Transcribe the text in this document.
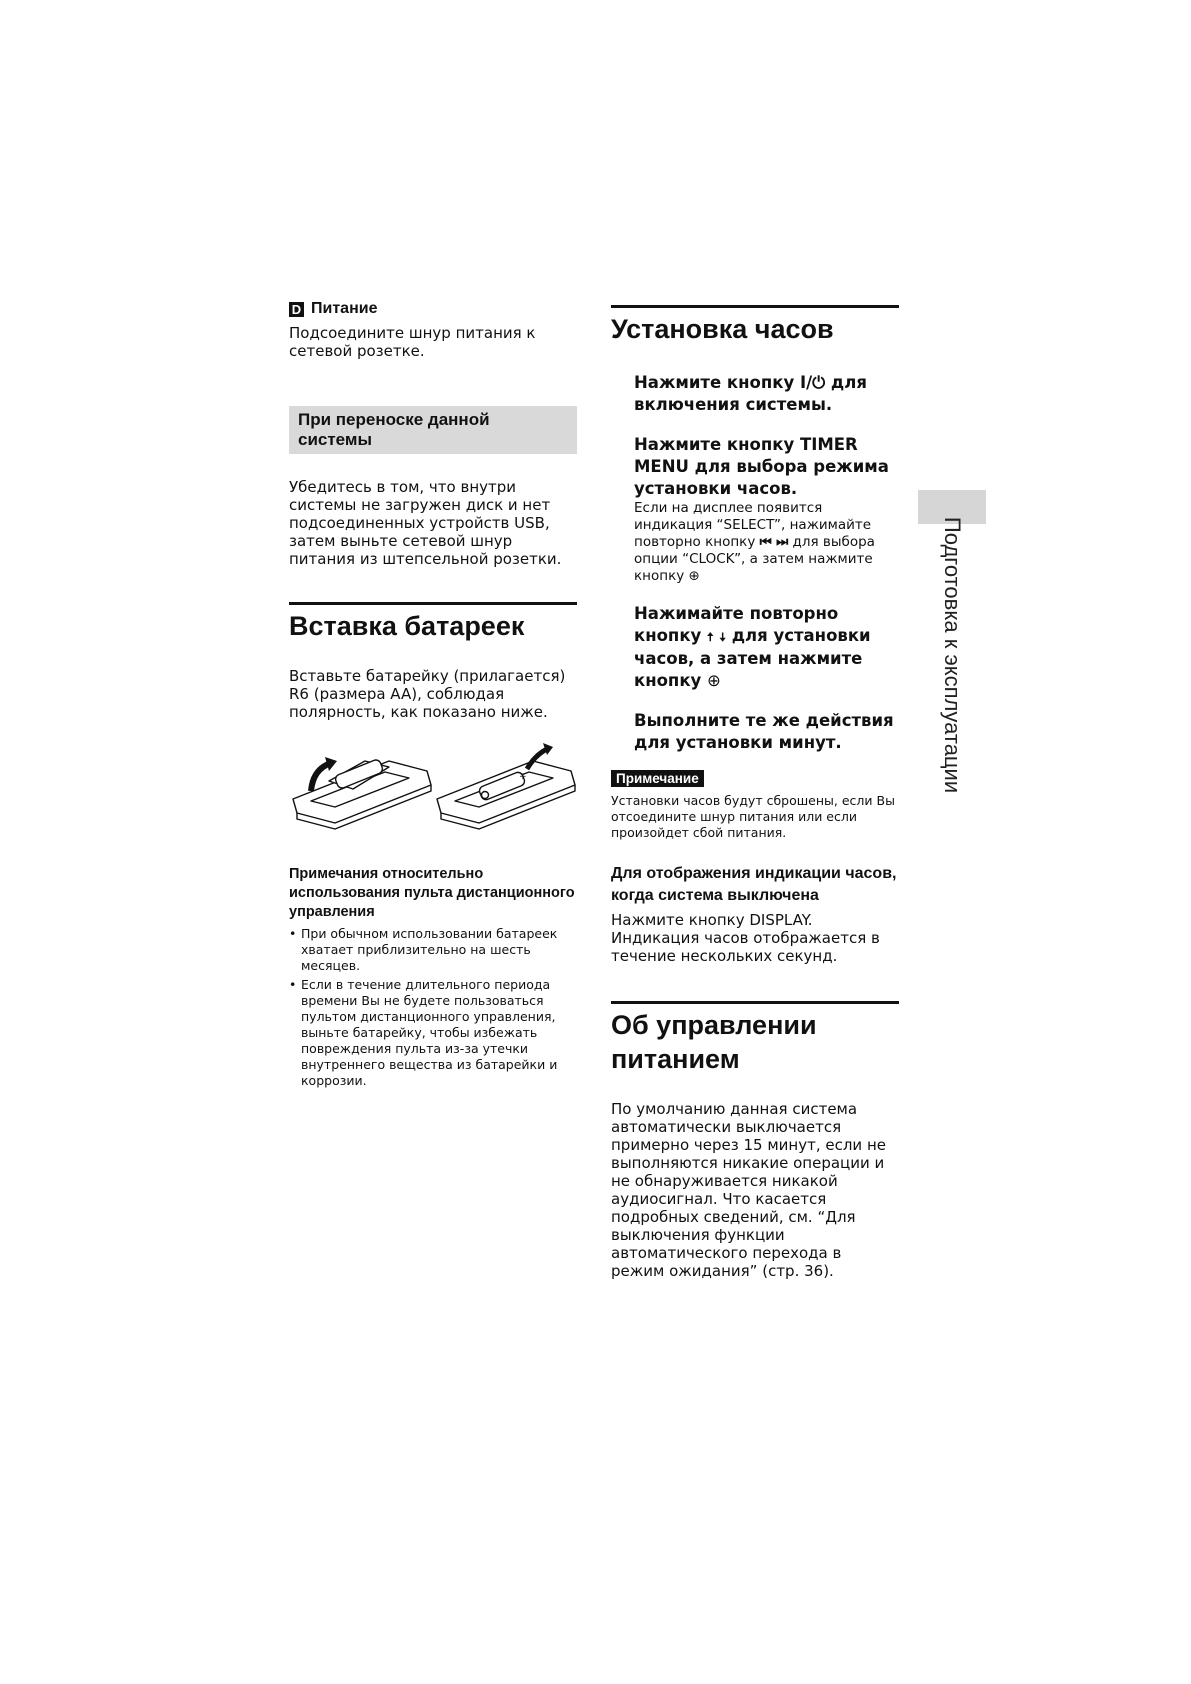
D Питание

Подсоедините шнур питания к сетевой розетке.

При переноске данной системы

Убедитесь в том, что внутри системы не загружен диск и нет подсоединенных устройств USB, затем выньте сетевой шнур питания из штепсельной розетки.

Вставка батареек

Вставьте батарейку (прилагается) R6 (размера AA), соблюдая полярность, как показано ниже.

+
Примечания относительно использования пульта дистанционного управления
• При обычном использовании батареек хватает приблизительно на шесть месяцев.
• Если в течение длительного периода времени Вы не будете пользоваться пультом дистанционного управления, выньте батарейку, чтобы избежать повреждения пульта из-за утечки внутреннего вещества из батарейки и коррозии.
Установка часов

Нажмите кнопку I/⏻ для включения системы.

Нажмите кнопку TIMER MENU для выбора режима установки часов.

Если на дисплее появится индикация “SELECT”, нажимайте повторно кнопку ⏮ ⏭ для выбора опции “CLOCK”, а затем нажмите кнопку ⊕

Нажимайте повторно кнопку 🠅 🠇 для установки часов, а затем нажмите кнопку ⊕

Выполните те же действия для установки минут.

Примечание

Установки часов будут сброшены, если Вы отсоедините шнур питания или если произойдет сбой питания.

Для отображения индикации часов, когда система выключена

Нажмите кнопку DISPLAY. Индикация часов отображается в течение нескольких секунд.

Об управлении питанием

По умолчанию данная система автоматически выключается примерно через 15 минут, если не выполняются никакие операции и не обнаруживается никакой аудиосигнал. Что касается подробных сведений, см. “Для выключения функции автоматического перехода в режим ожидания” (стр. 36).

Подготовка к эксплуатации
